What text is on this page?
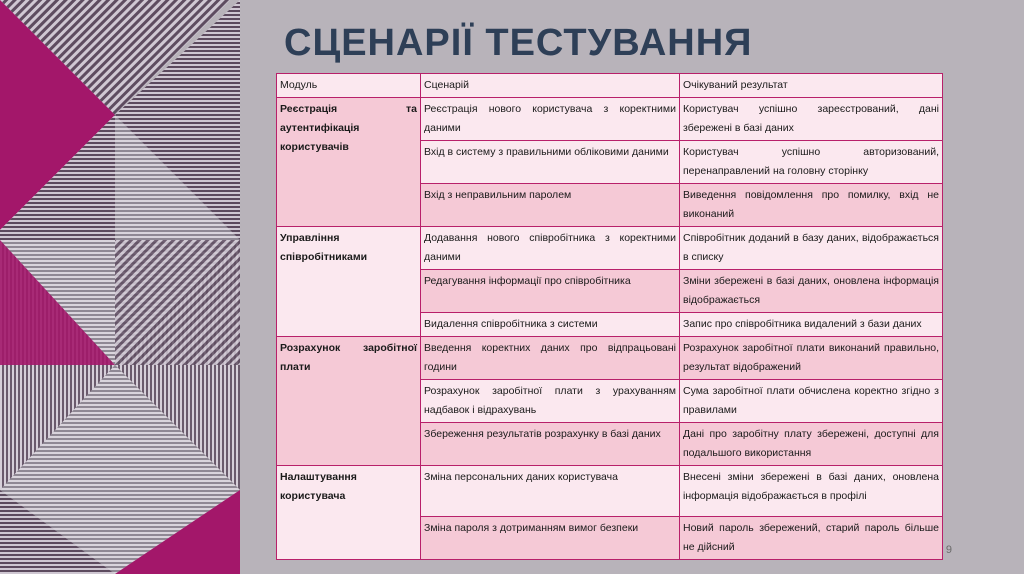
СЦЕНАРІЇ ТЕСТУВАННЯ
Модуль	Сценарій	Очікуваний результат
Реєстрація та аутентифікація користувачів	Реєстрація нового користувача з коректними даними	Користувач успішно зареєстрований, дані збережені в базі даних
	Вхід в систему з правильними обліковими даними	Користувач успішно авторизований, перенаправлений на головну сторінку
	Вхід з неправильним паролем	Виведення повідомлення про помилку, вхід не виконаний
Управління співробітниками	Додавання нового співробітника з коректними даними	Співробітник доданий в базу даних, відображається в списку
	Редагування інформації про співробітника	Зміни збережені в базі даних, оновлена інформація відображається
	Видалення співробітника з системи	Запис про співробітника видалений з бази даних
Розрахунок заробітної плати	Введення коректних даних про відпрацьовані години	Розрахунок заробітної плати виконаний правильно, результат відображений
	Розрахунок заробітної плати з урахуванням надбавок і відрахувань	Сума заробітної плати обчислена коректно згідно з правилами
	Збереження результатів розрахунку в базі даних	Дані про заробітну плату збережені, доступні для подальшого використання
Налаштування користувача	Зміна персональних даних користувача	Внесені зміни збережені в базі даних, оновлена інформація відображається в профілі
	Зміна пароля з дотриманням вимог безпеки	Новий пароль збережений, старий пароль більше не дійсний	9
